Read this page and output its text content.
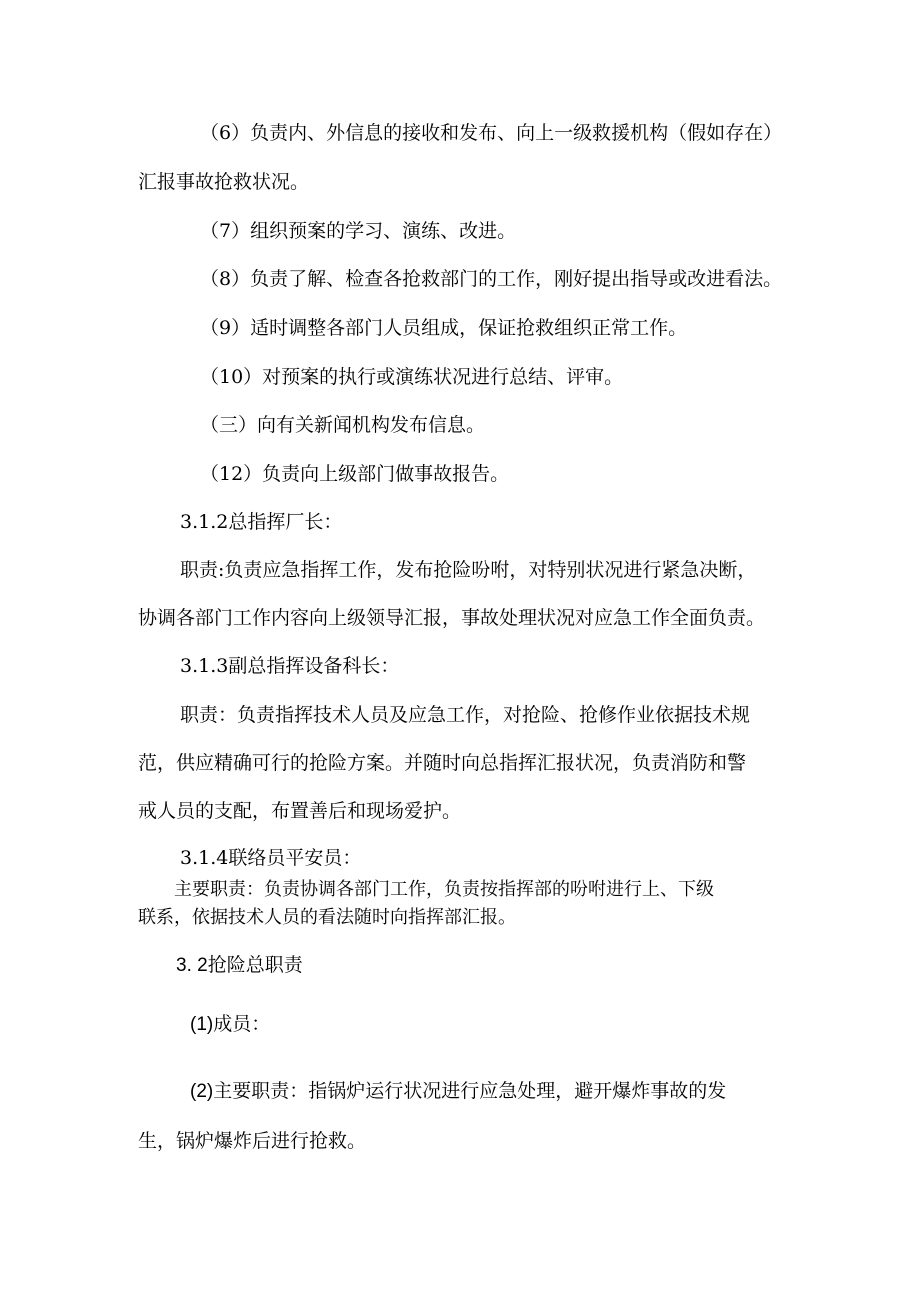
（6）负责内、外信息的接收和发布、向上一级救援机构（假如存在）
汇报事故抢救状况。
（7）组织预案的学习、演练、改进。
（8）负责了解、检查各抢救部门的工作，刚好提出指导或改进看法。
（9）适时调整各部门人员组成，保证抢救组织正常工作。
（10）对预案的执行或演练状况进行总结、评审。
（三）向有关新闻机构发布信息。
（12）负责向上级部门做事故报告。
3.1.2总指挥厂长：
职责:负责应急指挥工作，发布抢险吩咐，对特别状况进行紧急决断，
协调各部门工作内容向上级领导汇报，事故处理状况对应急工作全面负责。
3.1.3副总指挥设备科长：
职责：负责指挥技术人员及应急工作，对抢险、抢修作业依据技术规
范，供应精确可行的抢险方案。并随时向总指挥汇报状况，负责消防和警
戒人员的支配，布置善后和现场爱护。
3.1.4联络员平安员：
主要职责：负责协调各部门工作，负责按指挥部的吩咐进行上、下级
联系，依据技术人员的看法随时向指挥部汇报。
3. 2抢险总职责
(1)成员：
(2)主要职责：指锅炉运行状况进行应急处理，避开爆炸事故的发
生，锅炉爆炸后进行抢救。
